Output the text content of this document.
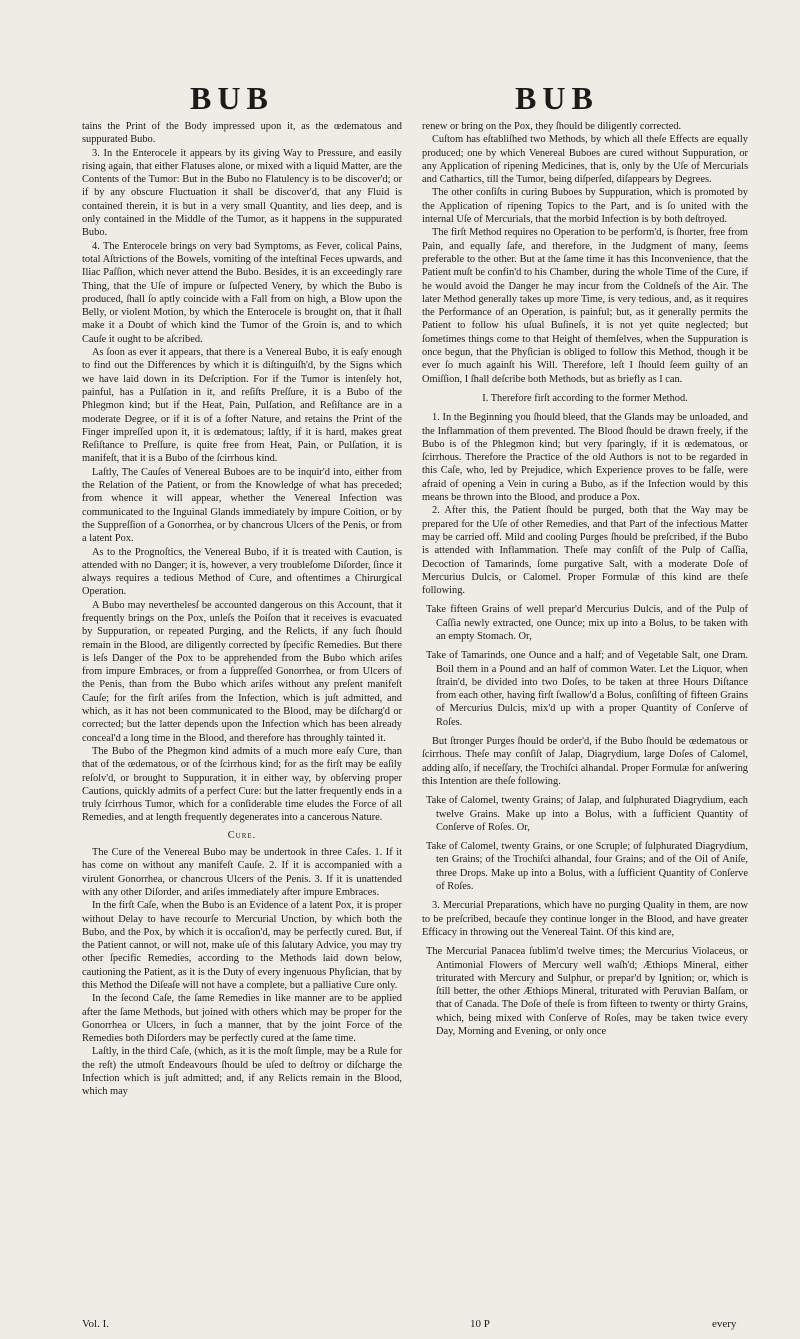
BUB	BUB

tains the Print of the Body impressed upon it, as the œdematous and suppurated Bubo.

3. In the Enterocele it appears by its giving Way to Pressure, and easily rising again, that either Flatuses alone, or mixed with a liquid Matter, are the Contents of the Tumor: But in the Bubo no Flatulency is to be discover'd; or if by any obscure Fluctuation it shall be discover'd, that any Fluid is contained therein, it is but in a very small Quantity, and lies deep, and is only contained in the Middle of the Tumor, as it happens in the suppurated Bubo.

4. The Enterocele brings on very bad Symptoms, as Fever, colical Pains, total Aſtrictions of the Bowels, vomiting of the inteſtinal Feces upwards, and Iliac Paſſion, which never attend the Bubo. Besides, it is an exceedingly rare Thing, that the Uſe of impure or ſuſpected Venery, by which the Bubo is produced, ſhall ſo aptly coincide with a Fall from on high, a Blow upon the Belly, or violent Motion, by which the Enterocele is brought on, that it ſhall make it a Doubt of which kind the Tumor of the Groin is, and to which Cauſe it ought to be aſcribed.

As ſoon as ever it appears, that there is a Venereal Bubo, it is eaſy enough to find out the Differences by which it is diſtinguiſh'd, by the Signs which we have laid down in its Deſcription. For if the Tumor is intenſely hot, painful, has a Pulſation in it, and reſiſts Preſſure, it is a Bubo of the Phlegmon kind; but if the Heat, Pain, Pulſation, and Reſiſtance are in a moderate Degree, or if it is of a ſofter Nature, and retains the Print of the Finger impreſſed upon it, it is œdematous; laſtly, if it is hard, makes great Reſiſtance to Preſſure, is quite free from Heat, Pain, or Pulſation, it is manifeſt, that it is a Bubo of the ſcirrhous kind.

Laſtly, The Cauſes of Venereal Buboes are to be inquir'd into, either from the Relation of the Patient, or from the Knowledge of what has preceded; from whence it will appear, whether the Venereal Infection was communicated to the Inguinal Glands immediately by impure Coition, or by the Suppreſſion of a Gonorrhea, or by chancrous Ulcers of the Penis, or from a latent Pox.

As to the Prognoſtics, the Venereal Bubo, if it is treated with Caution, is attended with no Danger; it is, however, a very troubleſome Diſorder, ſince it always requires a tedious Method of Cure, and oftentimes a Chirurgical Operation.

A Bubo may neverthelesſ be accounted dangerous on this Account, that it frequently brings on the Pox, unleſs the Poiſon that it receives is evacuated by Suppuration, or repeated Purging, and the Relicts, if any ſuch ſhould remain in the Blood, are diligently corrected by ſpecific Remedies. But there is leſs Danger of the Pox to be apprehended from the Bubo which ariſes from impure Embraces, or from a ſuppreſſed Gonorrhea, or from Ulcers of the Penis, than from the Bubo which ariſes without any preſent manifeſt Cauſe; for the firſt ariſes from the Infection, which is juſt admitted, and which, as it has not been communicated to the Blood, may be diſcharg'd or corrected; but the latter depends upon the Infection which has been already conceal'd a long time in the Blood, and therefore has throughly tainted it.

The Bubo of the Phegmon kind admits of a much more eaſy Cure, than that of the œdematous, or of the ſcirrhous kind; for as the firſt may be eaſily reſolv'd, or brought to Suppuration, it in either way, by obſerving proper Cautions, quickly admits of a perfect Cure: but the latter frequently ends in a truly ſcirrhous Tumor, which for a conſiderable time eludes the Force of all Remedies, and at length frequently degenerates into a cancerous Nature.

Cure.

The Cure of the Venereal Bubo may be undertook in three Caſes. 1. If it has come on without any manifeſt Cauſe. 2. If it is accompanied with a virulent Gonorrhea, or chancrous Ulcers of the Penis. 3. If it is unattended with any other Diſorder, and ariſes immediately after impure Embraces.

In the firſt Caſe, when the Bubo is an Evidence of a latent Pox, it is proper without Delay to have recourſe to Mercurial Unction, by which both the Bubo, and the Pox, by which it is occaſion'd, may be perfectly cured. But, if the Patient cannot, or will not, make uſe of this ſalutary Advice, you may try other ſpecific Remedies, according to the Methods laid down below, cautioning the Patient, as it is the Duty of every ingenuous Phyſician, that by this Method the Diſeaſe will not have a complete, but a palliative Cure only.

In the ſecond Caſe, the ſame Remedies in like manner are to be applied after the ſame Methods, but joined with others which may be proper for the Gonorrhea or Ulcers, in ſuch a manner, that by the joint Force of the Remedies both Diſorders may be perfectly cured at the ſame time.

Laſtly, in the third Caſe, (which, as it is the moſt ſimple, may be a Rule for the reſt) the utmoſt Endeavours ſhould be uſed to deſtroy or diſcharge the Infection which is juſt admitted; and, if any Relicts remain in the Blood, which may

renew or bring on the Pox, they ſhould be diligently corrected.

Cuſtom has eſtabliſhed two Methods, by which all theſe Effects are equally produced; one by which Venereal Buboes are cured without Suppuration, or any Application of ripening Medicines, that is, only by the Uſe of Mercurials and Cathartics, till the Tumor, being diſperſed, diſappears by Degrees.

The other conſiſts in curing Buboes by Suppuration, which is promoted by the Application of ripening Topics to the Part, and is ſo united with the internal Uſe of Mercurials, that the morbid Infection is by both deſtroyed.

The firſt Method requires no Operation to be perform'd, is ſhorter, free from Pain, and equally ſafe, and therefore, in the Judgment of many, ſeems preferable to the other. But at the ſame time it has this Inconvenience, that the Patient muſt be confin'd to his Chamber, during the whole Time of the Cure, if he would avoid the Danger he may incur from the Coldneſs of the Air. The later Method generally takes up more Time, is very tedious, and, as it requires the Performance of an Operation, is painful; but, as it generally permits the Patient to follow his uſual Buſineſs, it is not yet quite neglected; but ſometimes things come to that Height of themſelves, when the Suppuration is once begun, that the Phyſician is obliged to follow this Method, though it be ever ſo much againſt his Will. Therefore, leſt I ſhould ſeem guilty of an Omiſſion, I ſhall deſcribe both Methods, but as briefly as I can.

I. Therefore firſt according to the former Method.

1. In the Beginning you ſhould bleed, that the Glands may be unloaded, and the Inflammation of them prevented. The Blood ſhould be drawn freely, if the Bubo is of the Phlegmon kind; but very ſparingly, if it is œdematous, or ſcirrhous. Therefore the Practice of the old Authors is not to be regarded in this Caſe, who, led by Prejudice, which Experience proves to be falſe, were afraid of opening a Vein in curing a Bubo, as if the Infection would by this means be thrown into the Blood, and produce a Pox.

2. After this, the Patient ſhould be purged, both that the Way may be prepared for the Uſe of other Remedies, and that Part of the infectious Matter may be carried off. Mild and cooling Purges ſhould be preſcribed, if the Bubo is attended with Inflammation. Theſe may conſiſt of the Pulp of Caſſia, Decoction of Tamarinds, ſome purgative Salt, with a moderate Doſe of Mercurius Dulcis, or Calomel. Proper Formulæ of this kind are theſe following.

Take fifteen Grains of well prepar'd Mercurius Dulcis, and of the Pulp of Caſſia newly extracted, one Ounce; mix up into a Bolus, to be taken with an empty Stomach. Or,

Take of Tamarinds, one Ounce and a half; and of Vegetable Salt, one Dram. Boil them in a Pound and an half of common Water. Let the Liquor, when ſtrain'd, be divided into two Doſes, to be taken at three Hours Diſtance from each other, having firſt ſwallow'd a Bolus, conſiſting of fifteen Grains of Mercurius Dulcis, mix'd up with a proper Quantity of Conſerve of Roſes.

But ſtronger Purges ſhould be order'd, if the Bubo ſhould be œdematous or ſcirrhous. Theſe may conſiſt of Jalap, Diagrydium, large Doſes of Calomel, adding alſo, if neceſſary, the Trochiſci alhandal. Proper Formulæ for anſwering this Intention are theſe following.

Take of Calomel, twenty Grains; of Jalap, and ſulphurated Diagrydium, each twelve Grains. Make up into a Bolus, with a ſufficient Quantity of Conſerve of Roſes. Or,

Take of Calomel, twenty Grains, or one Scruple; of ſulphurated Diagrydium, ten Grains; of the Trochiſci alhandal, four Grains; and of the Oil of Aniſe, three Drops. Make up into a Bolus, with a ſufficient Quantity of Conſerve of Roſes.

3. Mercurial Preparations, which have no purging Quality in them, are now to be preſcribed, becauſe they continue longer in the Blood, and have greater Efficacy in throwing out the Venereal Taint. Of this kind are,

The Mercurial Panacea ſublim'd twelve times; the Mercurius Violaceus, or Antimonial Flowers of Mercury well waſh'd; Æthiops Mineral, either triturated with Mercury and Sulphur, or prepar'd by Ignition; or, which is ſtill better, the other Æthiops Mineral, triturated with Peruvian Balſam, or that of Canada. The Doſe of theſe is from fifteen to twenty or thirty Grains, which, being mixed with Conſerve of Roſes, may be taken twice every Day, Morning and Evening, or only once

Vol. I.	10 P	every
